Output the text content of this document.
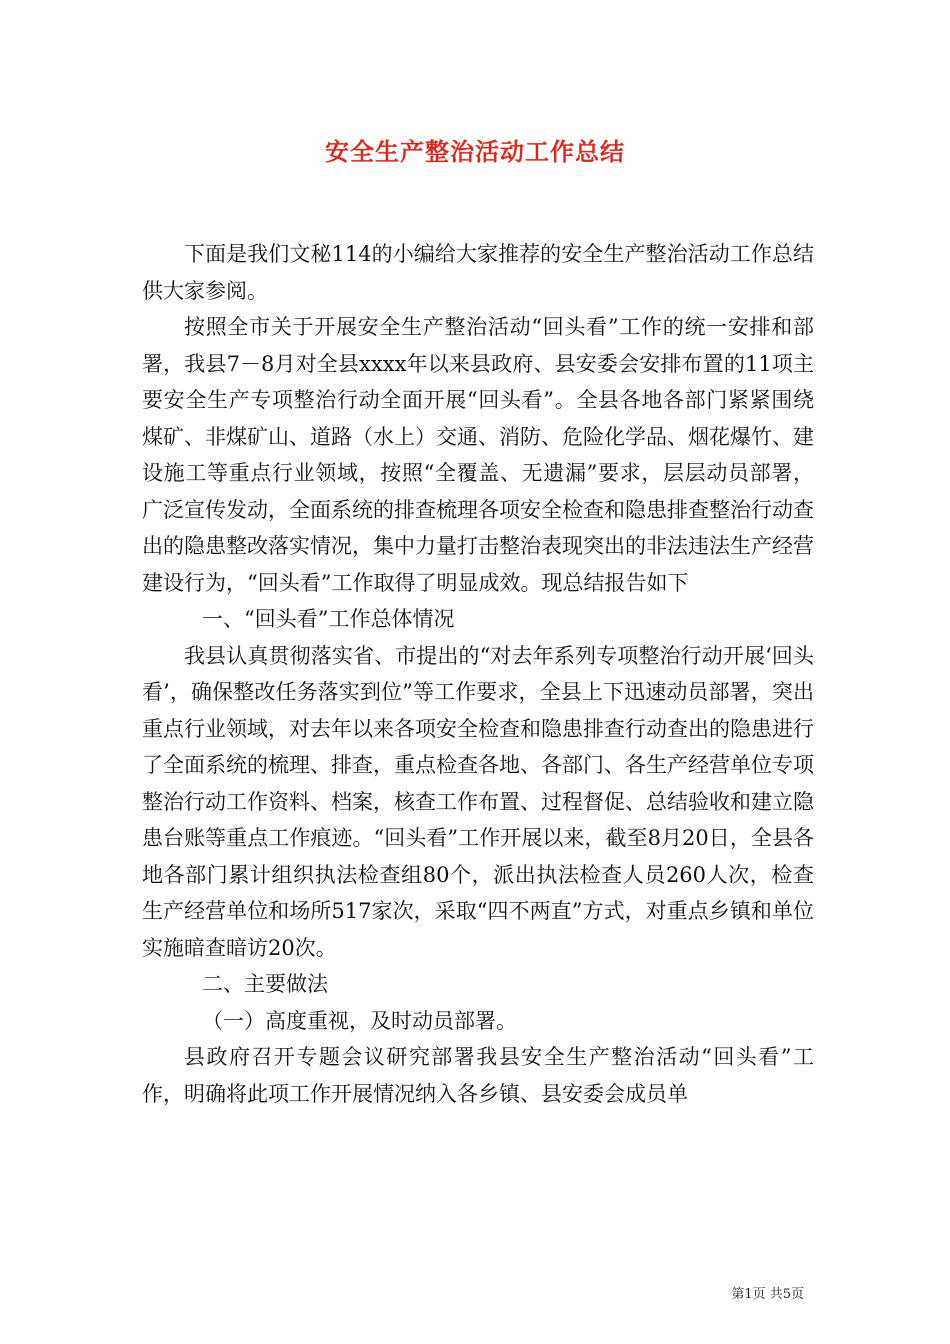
安全生产整治活动工作总结

下面是我们文秘114的小编给大家推荐的安全生产整治活动工作总结供大家参阅。

按照全市关于开展安全生产整治活动“回头看”工作的统一安排和部署，我县7－8月对全县xxxx年以来县政府、县安委会安排布置的11项主要安全生产专项整治行动全面开展“回头看”。全县各地各部门紧紧围绕煤矿、非煤矿山、道路（水上）交通、消防、危险化学品、烟花爆竹、建设施工等重点行业领域，按照“全覆盖、无遗漏”要求，层层动员部署，广泛宣传发动，全面系统的排查梳理各项安全检查和隐患排查整治行动查出的隐患整改落实情况，集中力量打击整治表现突出的非法违法生产经营建设行为，“回头看”工作取得了明显成效。现总结报告如下

一、“回头看”工作总体情况

我县认真贯彻落实省、市提出的“对去年系列专项整治行动开展‘回头看’，确保整改任务落实到位”等工作要求，全县上下迅速动员部署，突出重点行业领域，对去年以来各项安全检查和隐患排查行动查出的隐患进行了全面系统的梳理、排查，重点检查各地、各部门、各生产经营单位专项整治行动工作资料、档案，核查工作布置、过程督促、总结验收和建立隐患台账等重点工作痕迹。“回头看”工作开展以来，截至8月20日，全县各地各部门累计组织执法检查组80个，派出执法检查人员260人次，检查生产经营单位和场所517家次，采取“四不两直”方式，对重点乡镇和单位实施暗查暗访20次。

二、主要做法

（一）高度重视，及时动员部署。

县政府召开专题会议研究部署我县安全生产整治活动“回头看”工作，明确将此项工作开展情况纳入各乡镇、县安委会成员单

第1页 共5页
